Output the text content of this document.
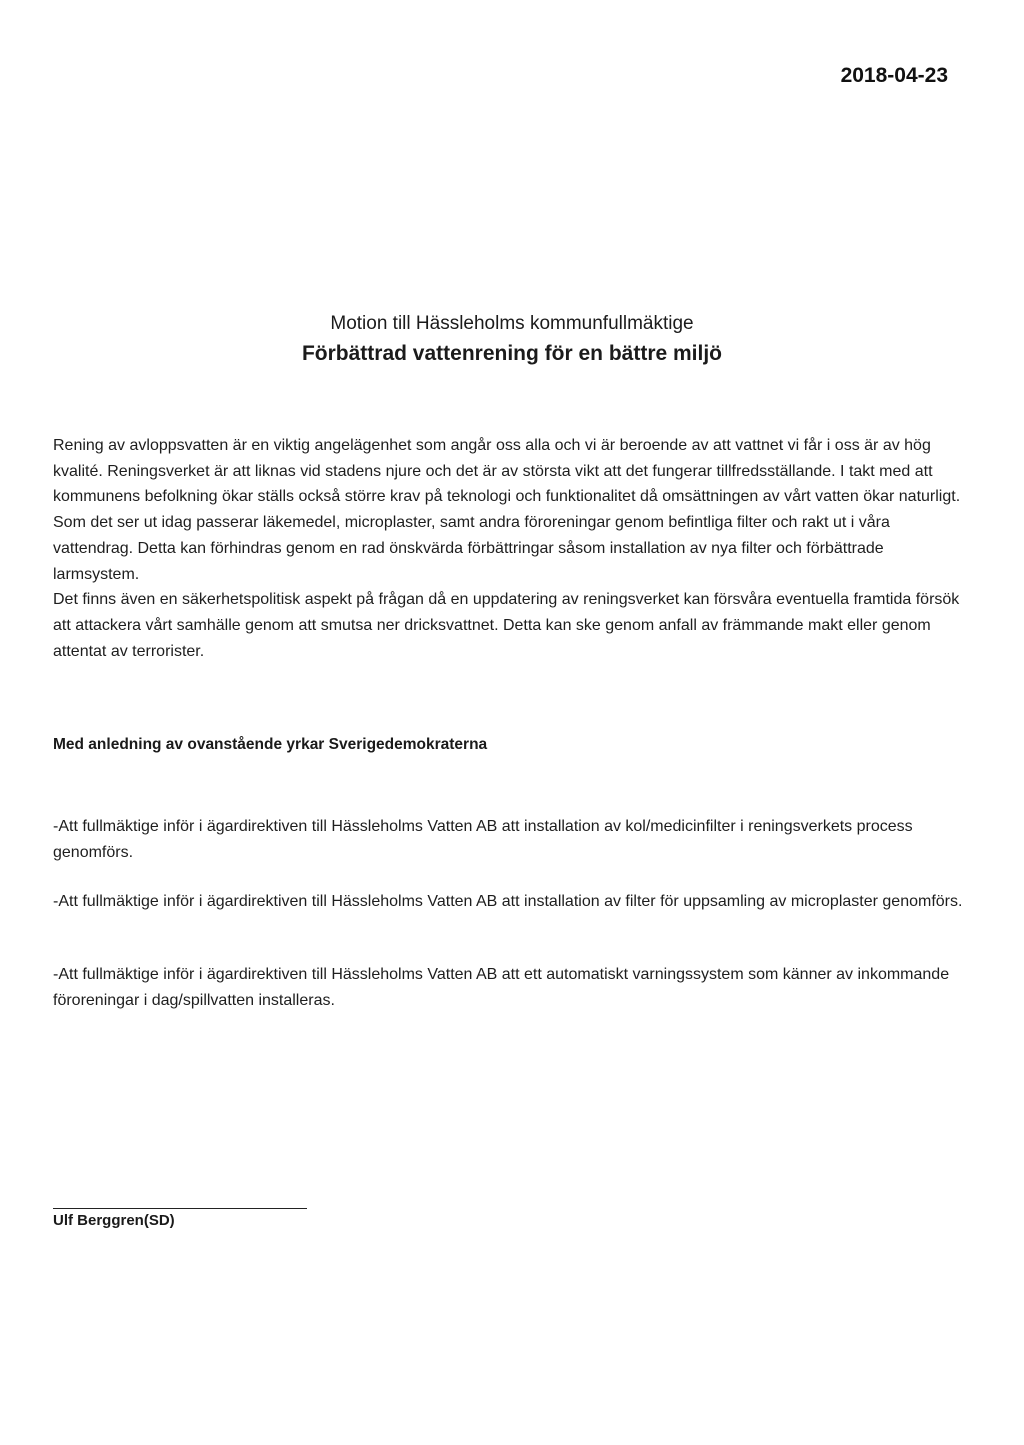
2018-04-23
Motion till Hässleholms kommunfullmäktige
Förbättrad vattenrening för en bättre miljö

Rening av avloppsvatten är en viktig angelägenhet som angår oss alla och vi är beroende av att vattnet vi får i oss är av hög kvalité. Reningsverket är att liknas vid stadens njure och det är av största vikt att det fungerar tillfredsställande. I takt med att kommunens befolkning ökar ställs också större krav på teknologi och funktionalitet då omsättningen av vårt vatten ökar naturligt.

Som det ser ut idag passerar läkemedel, microplaster, samt andra föroreningar genom befintliga filter och rakt ut i våra vattendrag. Detta kan förhindras genom en rad önskvärda förbättringar såsom installation av nya filter och förbättrade larmsystem.

Det finns även en säkerhetspolitisk aspekt på frågan då en uppdatering av reningsverket kan försvåra eventuella framtida försök att attackera vårt samhälle genom att smutsa ner dricksvattnet. Detta kan ske genom anfall av främmande makt eller genom attentat av terrorister.

Med anledning av ovanstående yrkar Sverigedemokraterna

-Att fullmäktige inför i ägardirektiven till Hässleholms Vatten AB att installation av kol/medicinfilter i reningsverkets process genomförs.

-Att fullmäktige inför i ägardirektiven till Hässleholms Vatten AB att installation av filter för uppsamling av microplaster genomförs.

-Att fullmäktige inför i ägardirektiven till Hässleholms Vatten AB att ett automatiskt varningssystem som känner av inkommande föroreningar i dag/spillvatten installeras.

Ulf Berggren(SD)
